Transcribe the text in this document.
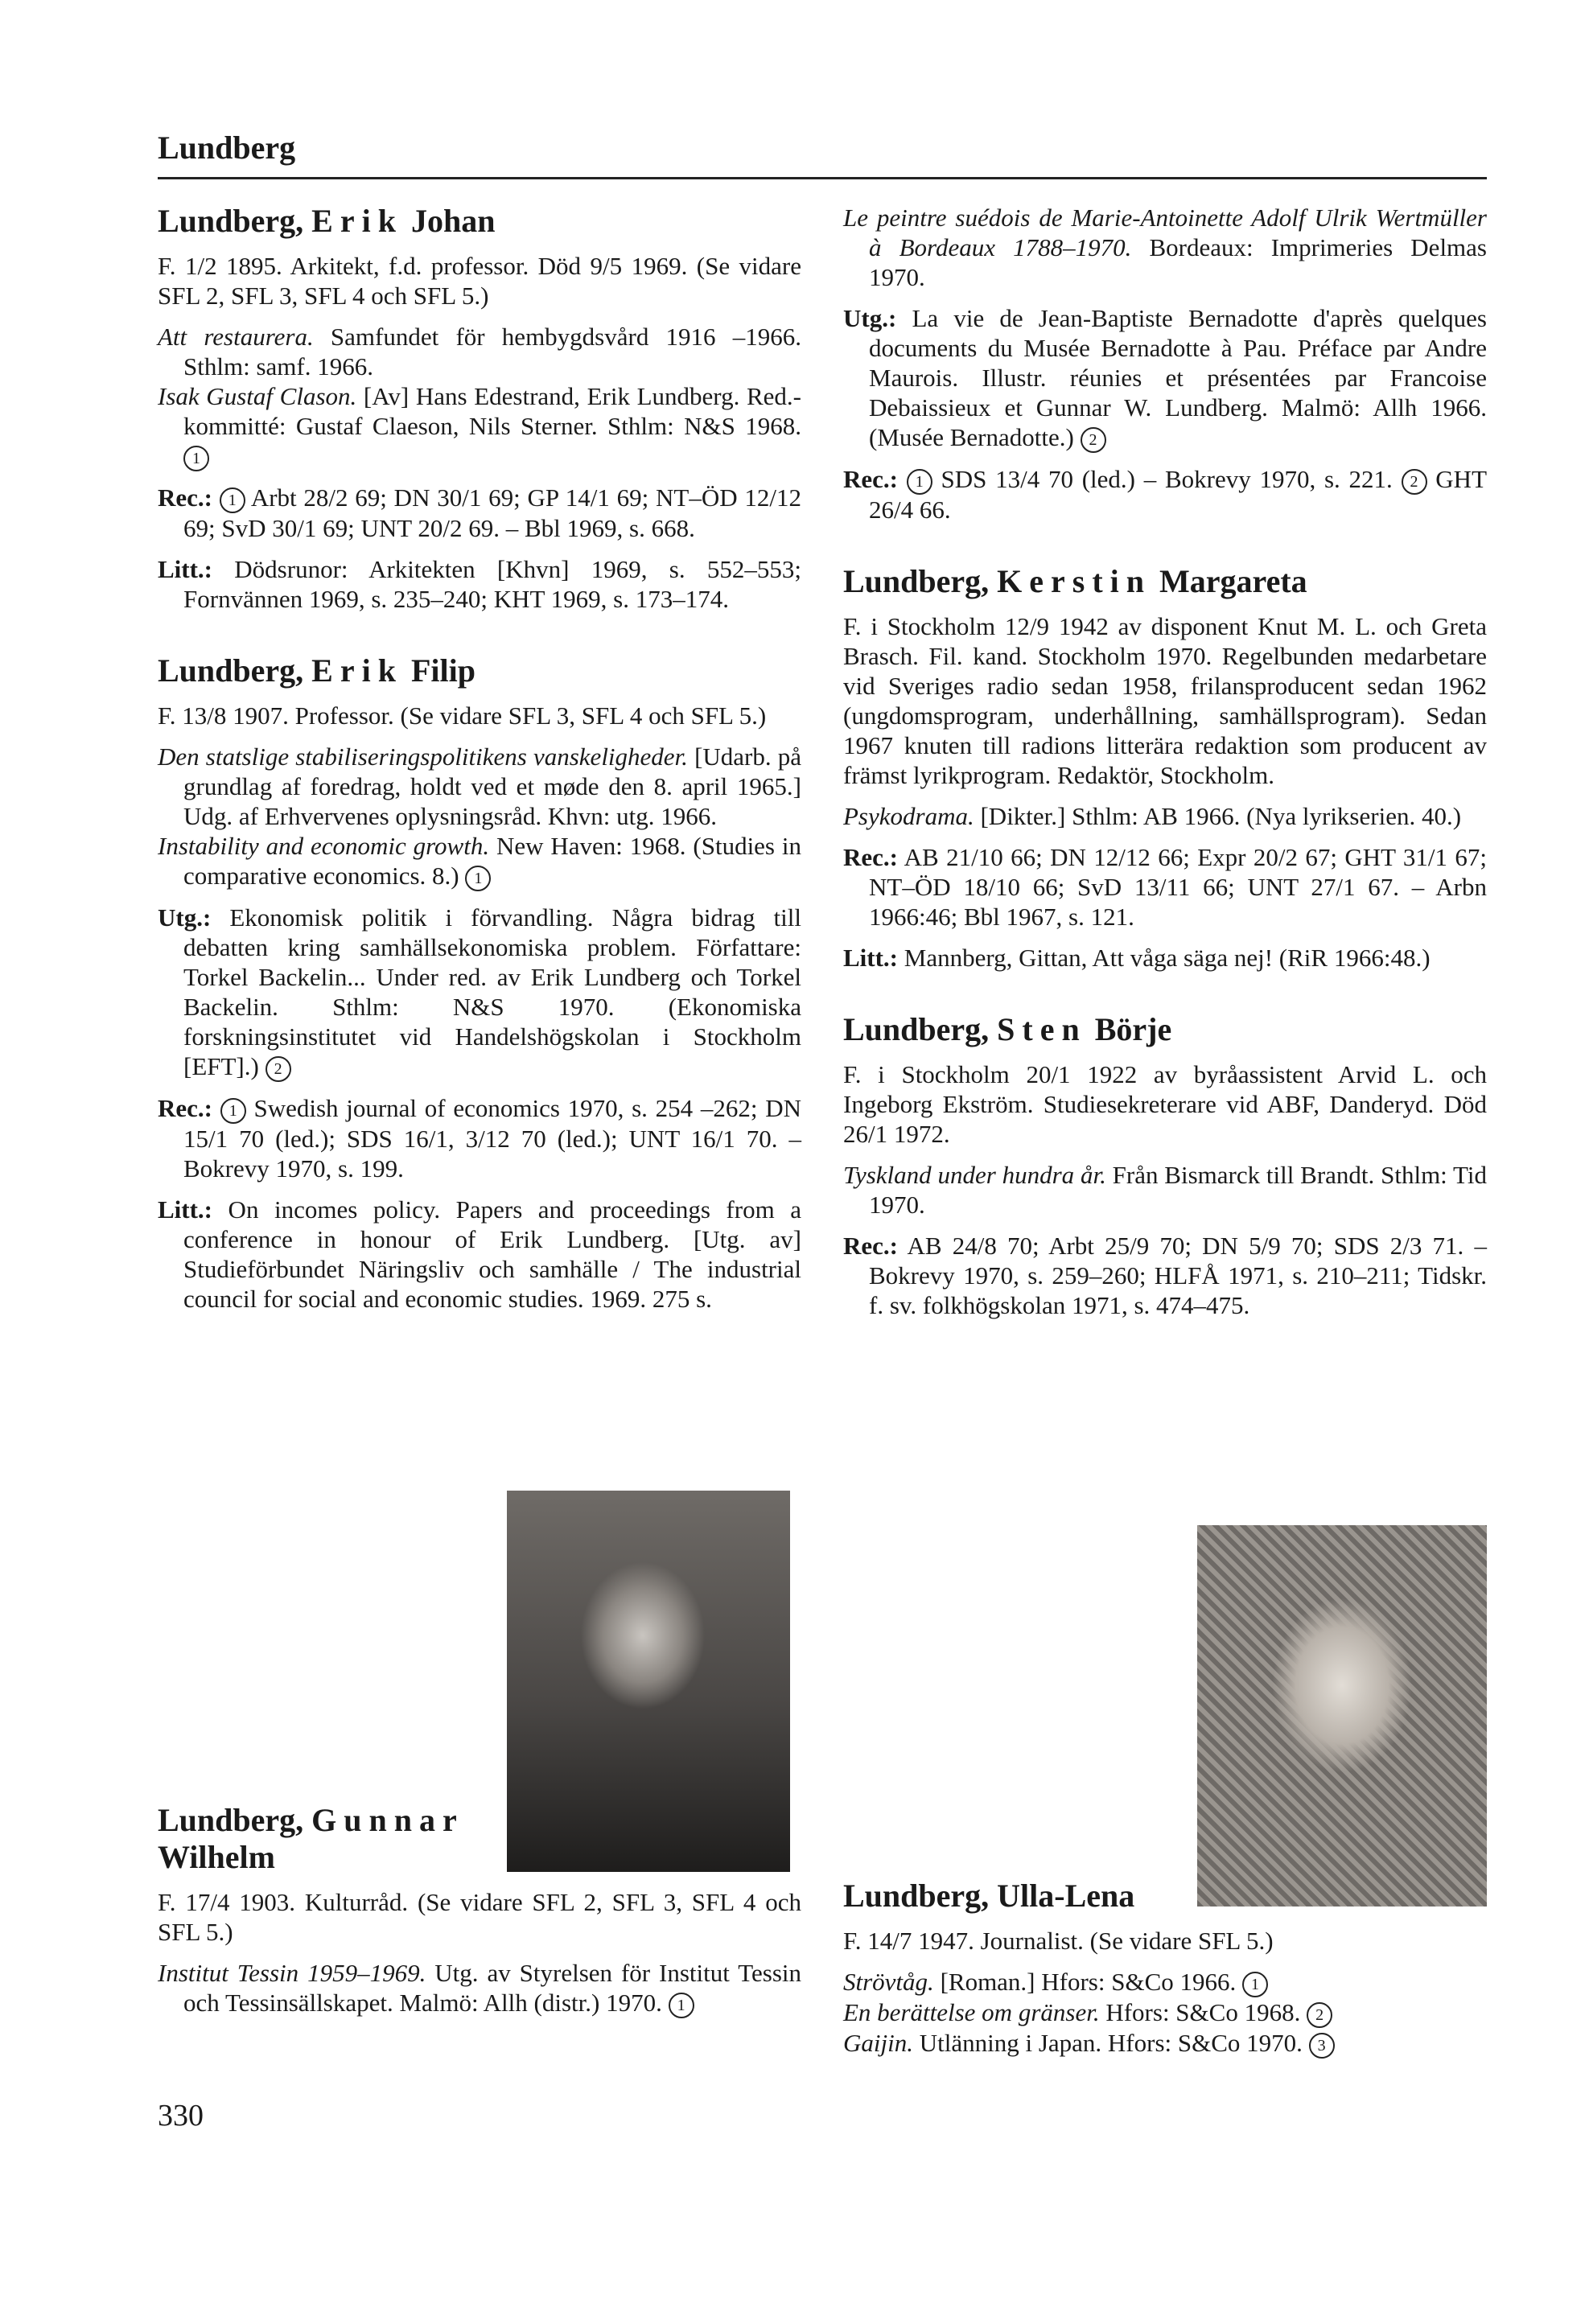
Lundberg
Lundberg, Erik Johan

F. 1/2 1895. Arkitekt, f.d. professor. Död 9/5 1969. (Se vidare SFL 2, SFL 3, SFL 4 och SFL 5.)

Att restaurera. Samfundet för hembygdsvård 1916 –1966. Sthlm: samf. 1966.

Isak Gustaf Clason. [Av] Hans Edestrand, Erik Lundberg. Red.-kommitté: Gustaf Claeson, Nils Sterner. Sthlm: N&S 1968. 1

Rec.: 1 Arbt 28/2 69; DN 30/1 69; GP 14/1 69; NT–ÖD 12/12 69; SvD 30/1 69; UNT 20/2 69. – Bbl 1969, s. 668.

Litt.: Dödsrunor: Arkitekten [Khvn] 1969, s. 552–553; Fornvännen 1969, s. 235–240; KHT 1969, s. 173–174.

Lundberg, Erik Filip

F. 13/8 1907. Professor. (Se vidare SFL 3, SFL 4 och SFL 5.)

Den statslige stabiliseringspolitikens vanskeligheder. [Udarb. på grundlag af foredrag, holdt ved et møde den 8. april 1965.] Udg. af Erhvervenes oplysningsråd. Khvn: utg. 1966.

Instability and economic growth. New Haven: 1968. (Studies in comparative economics. 8.) 1

Utg.: Ekonomisk politik i förvandling. Några bidrag till debatten kring samhällsekonomiska problem. Författare: Torkel Backelin... Under red. av Erik Lundberg och Torkel Backelin. Sthlm: N&S 1970. (Ekonomiska forskningsinstitutet vid Handelshögskolan i Stockholm [EFT].) 2

Rec.: 1 Swedish journal of economics 1970, s. 254 –262; DN 15/1 70 (led.); SDS 16/1, 3/12 70 (led.); UNT 16/1 70. – Bokrevy 1970, s. 199.

Litt.: On incomes policy. Papers and proceedings from a conference in honour of Erik Lundberg. [Utg. av] Studieförbundet Näringsliv och samhälle / The industrial council for social and economic studies. 1969. 275 s.

Lundberg, Gunnar Wilhelm

F. 17/4 1903. Kulturråd. (Se vidare SFL 2, SFL 3, SFL 4 och SFL 5.)

Institut Tessin 1959–1969. Utg. av Styrelsen för Institut Tessin och Tessinsällskapet. Malmö: Allh (distr.) 1970. 1

Le peintre suédois de Marie-Antoinette Adolf Ulrik Wertmüller à Bordeaux 1788–1970. Bordeaux: Imprimeries Delmas 1970.

Utg.: La vie de Jean-Baptiste Bernadotte d'après quelques documents du Musée Bernadotte à Pau. Préface par Andre Maurois. Illustr. réunies et présentées par Francoise Debaissieux et Gunnar W. Lundberg. Malmö: Allh 1966. (Musée Bernadotte.) 2

Rec.: 1 SDS 13/4 70 (led.) – Bokrevy 1970, s. 221. 2 GHT 26/4 66.

Lundberg, Kerstin Margareta

F. i Stockholm 12/9 1942 av disponent Knut M. L. och Greta Brasch. Fil. kand. Stockholm 1970. Regelbunden medarbetare vid Sveriges radio sedan 1958, frilansproducent sedan 1962 (ungdomsprogram, underhållning, samhällsprogram). Sedan 1967 knuten till radions litterära redaktion som producent av främst lyrikprogram. Redaktör, Stockholm.

Psykodrama. [Dikter.] Sthlm: AB 1966. (Nya lyrikserien. 40.)

Rec.: AB 21/10 66; DN 12/12 66; Expr 20/2 67; GHT 31/1 67; NT–ÖD 18/10 66; SvD 13/11 66; UNT 27/1 67. – Arbn 1966:46; Bbl 1967, s. 121.

Litt.: Mannberg, Gittan, Att våga säga nej! (RiR 1966:48.)

Lundberg, Sten Börje

F. i Stockholm 20/1 1922 av byråassistent Arvid L. och Ingeborg Ekström. Studiesekreterare vid ABF, Danderyd. Död 26/1 1972.

Tyskland under hundra år. Från Bismarck till Brandt. Sthlm: Tid 1970.

Rec.: AB 24/8 70; Arbt 25/9 70; DN 5/9 70; SDS 2/3 71. – Bokrevy 1970, s. 259–260; HLFÅ 1971, s. 210–211; Tidskr. f. sv. folkhögskolan 1971, s. 474–475.

Lundberg, Ulla-Lena

F. 14/7 1947. Journalist. (Se vidare SFL 5.)

Strövtåg. [Roman.] Hfors: S&Co 1966. 1

En berättelse om gränser. Hfors: S&Co 1968. 2

Gaijin. Utlänning i Japan. Hfors: S&Co 1970. 3

330
